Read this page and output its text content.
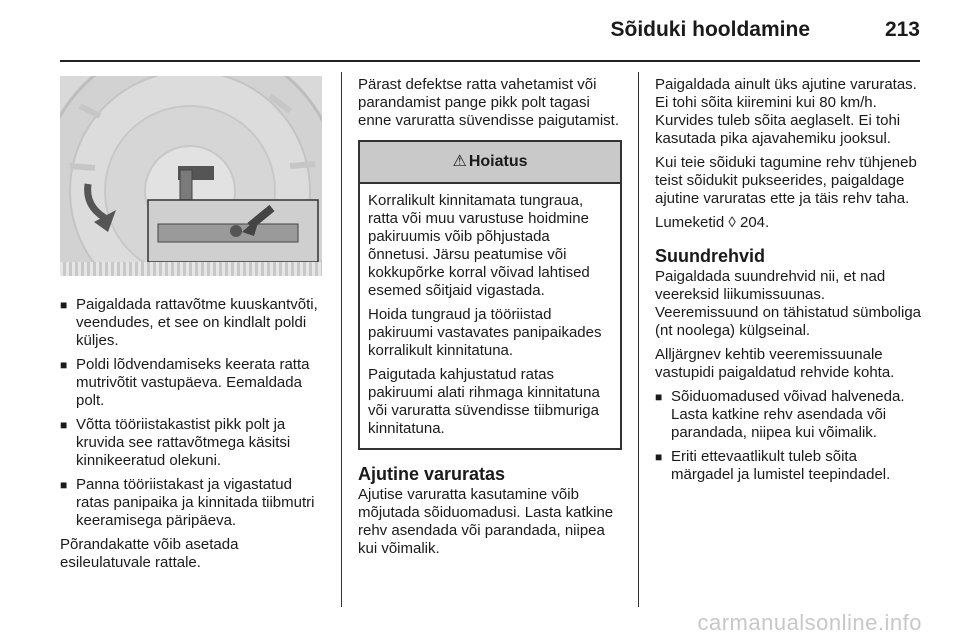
Sõiduki hooldamine	213
■ Paigaldada rattavõtme kuuskantvõti, veendudes, et see on kindlalt poldi küljes.
■ Poldi lõdvendamiseks keerata ratta mutrivõtit vastupäeva. Eemaldada polt.
■ Võtta tööriistakastist pikk polt ja kruvida see rattavõtmega käsitsi kinnikeeratud olekuni.
■ Panna tööriistakast ja vigastatud ratas panipaika ja kinnitada tiibmutri keeramisega päripäeva.

Põrandakatte võib asetada esileulatuvale rattale.

Pärast defektse ratta vahetamist või parandamist pange pikk polt tagasi enne varuratta süvendisse paigutamist.

⚠ Hoiatus

Korralikult kinnitamata tungraua, ratta või muu varustuse hoidmine pakiruumis võib põhjustada õnnetusi. Järsu peatumise või kokkupõrke korral võivad lahtised esemed sõitjaid vigastada.

Hoida tungraud ja tööriistad pakiruumi vastavates panipaikades korralikult kinnitatuna.

Paigutada kahjustatud ratas pakiruumi alati rihmaga kinnitatuna või varuratta süvendisse tiibmuriga kinnitatuna.

Ajutine varuratas

Ajutise varuratta kasutamine võib mõjutada sõiduomadusi. Lasta katkine rehv asendada või parandada, niipea kui võimalik.

Paigaldada ainult üks ajutine varuratas. Ei tohi sõita kiiremini kui 80 km/h. Kurvides tuleb sõita aeglaselt. Ei tohi kasutada pika ajavahemiku jooksul.

Kui teie sõiduki tagumine rehv tühjeneb teist sõidukit pukseerides, paigaldage ajutine varuratas ette ja täis rehv taha.

Lumeketid ◊ 204.

Suundrehvid

Paigaldada suundrehvid nii, et nad veereksid liikumissuunas. Veeremissuund on tähistatud sümboliga (nt noolega) külgseinal.

Alljärgnev kehtib veeremissuunale vastupidi paigaldatud rehvide kohta.

■ Sõiduomadused võivad halveneda. Lasta katkine rehv asendada või parandada, niipea kui võimalik.
■ Eriti ettevaatlikult tuleb sõita märgadel ja lumistel teepindadel.
carmanualsonline.info
